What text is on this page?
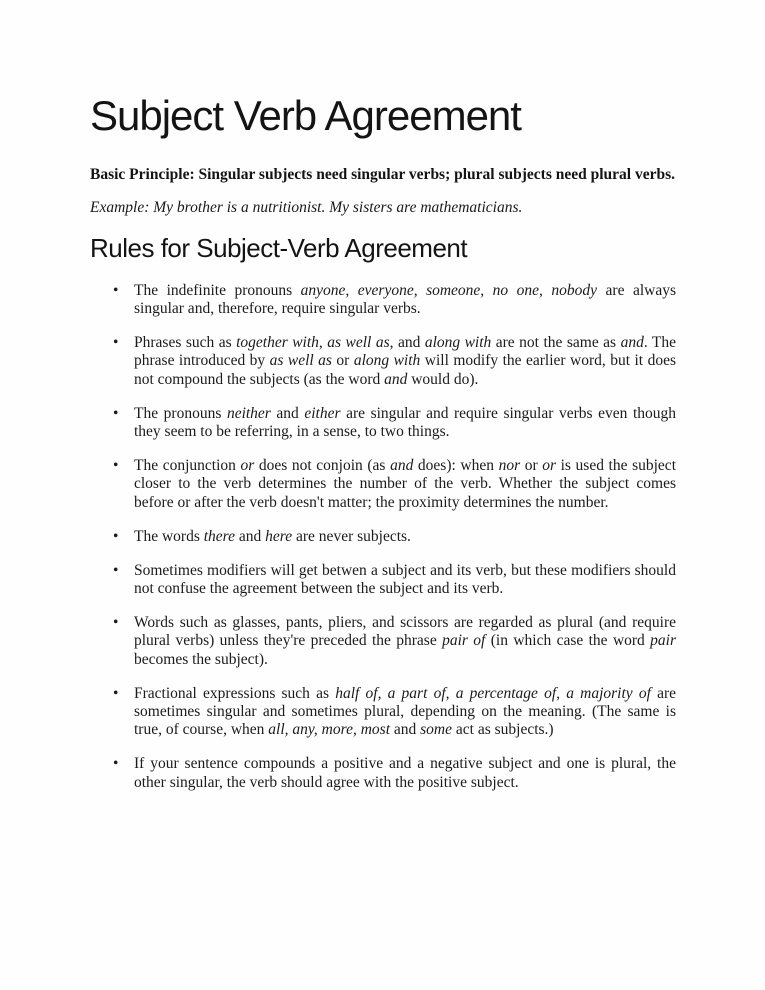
Subject Verb Agreement

Basic Principle: Singular subjects need singular verbs; plural subjects need plural verbs.

Example: My brother is a nutritionist. My sisters are mathematicians.

Rules for Subject-Verb Agreement
• The indefinite pronouns anyone, everyone, someone, no one, nobody are always singular and, therefore, require singular verbs.
• Phrases such as together with, as well as, and along with are not the same as and. The phrase introduced by as well as or along with will modify the earlier word, but it does not compound the subjects (as the word and would do).
• The pronouns neither and either are singular and require singular verbs even though they seem to be referring, in a sense, to two things.
• The conjunction or does not conjoin (as and does): when nor or or is used the subject closer to the verb determines the number of the verb. Whether the subject comes before or after the verb doesn't matter; the proximity determines the number.
• The words there and here are never subjects.
• Sometimes modifiers will get betwen a subject and its verb, but these modifiers should not confuse the agreement between the subject and its verb.
• Words such as glasses, pants, pliers, and scissors are regarded as plural (and require plural verbs) unless they're preceded the phrase pair of (in which case the word pair becomes the subject).
• Fractional expressions such as half of, a part of, a percentage of, a majority of are sometimes singular and sometimes plural, depending on the meaning. (The same is true, of course, when all, any, more, most and some act as subjects.)
• If your sentence compounds a positive and a negative subject and one is plural, the other singular, the verb should agree with the positive subject.
